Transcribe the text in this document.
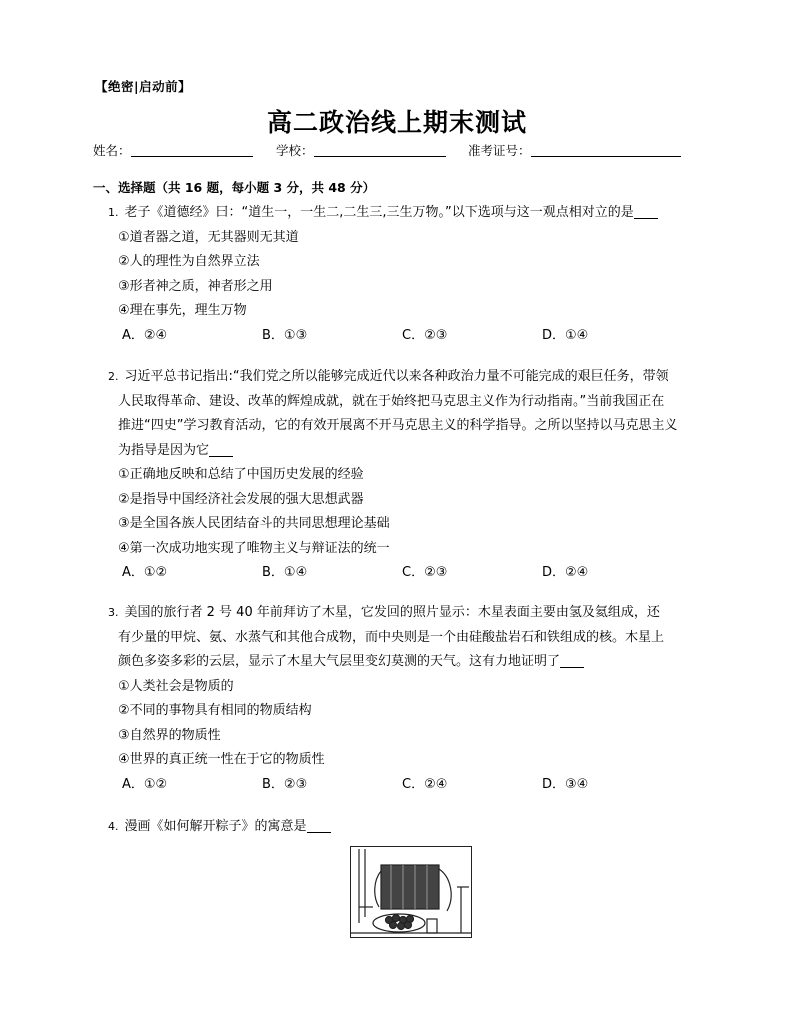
【绝密|启动前】
高二政治线上期末测试
姓名：	学校：	准考证号：
一、选择题（共 16 题，每小题 3 分，共 48 分）

1. 老子《道德经》曰：“道生一，一生二,二生三,三生万物。”以下选项与这一观点相对立的是

①道者器之道，无其器则无其道

②人的理性为自然界立法

③形者神之质，神者形之用

④理在事先，理生万物

A．②④	B．①③	C．②③	D．①④

2. 习近平总书记指出:“我们党之所以能够完成近代以来各种政治力量不可能完成的艰巨任务，带领

人民取得革命、建设、改革的辉煌成就，就在于始终把马克思主义作为行动指南。”当前我国正在

推进“四史”学习教育活动，它的有效开展离不开马克思主义的科学指导。之所以坚持以马克思主义

为指导是因为它

①正确地反映和总结了中国历史发展的经验

②是指导中国经济社会发展的强大思想武器

③是全国各族人民团结奋斗的共同思想理论基础

④第一次成功地实现了唯物主义与辩证法的统一

A．①②	B．①④	C．②③	D．②④

3. 美国的旅行者 2 号 40 年前拜访了木星，它发回的照片显示：木星表面主要由氢及氦组成，还

有少量的甲烷、氨、水蒸气和其他合成物，而中央则是一个由硅酸盐岩石和铁组成的核。木星上

颜色多姿多彩的云层，显示了木星大气层里变幻莫测的天气。这有力地证明了

①人类社会是物质的

②不同的事物具有相同的物质结构

③自然界的物质性

④世界的真正统一性在于它的物质性

A．①②	B．②③	C．②④	D．③④

4. 漫画《如何解开粽子》的寓意是
